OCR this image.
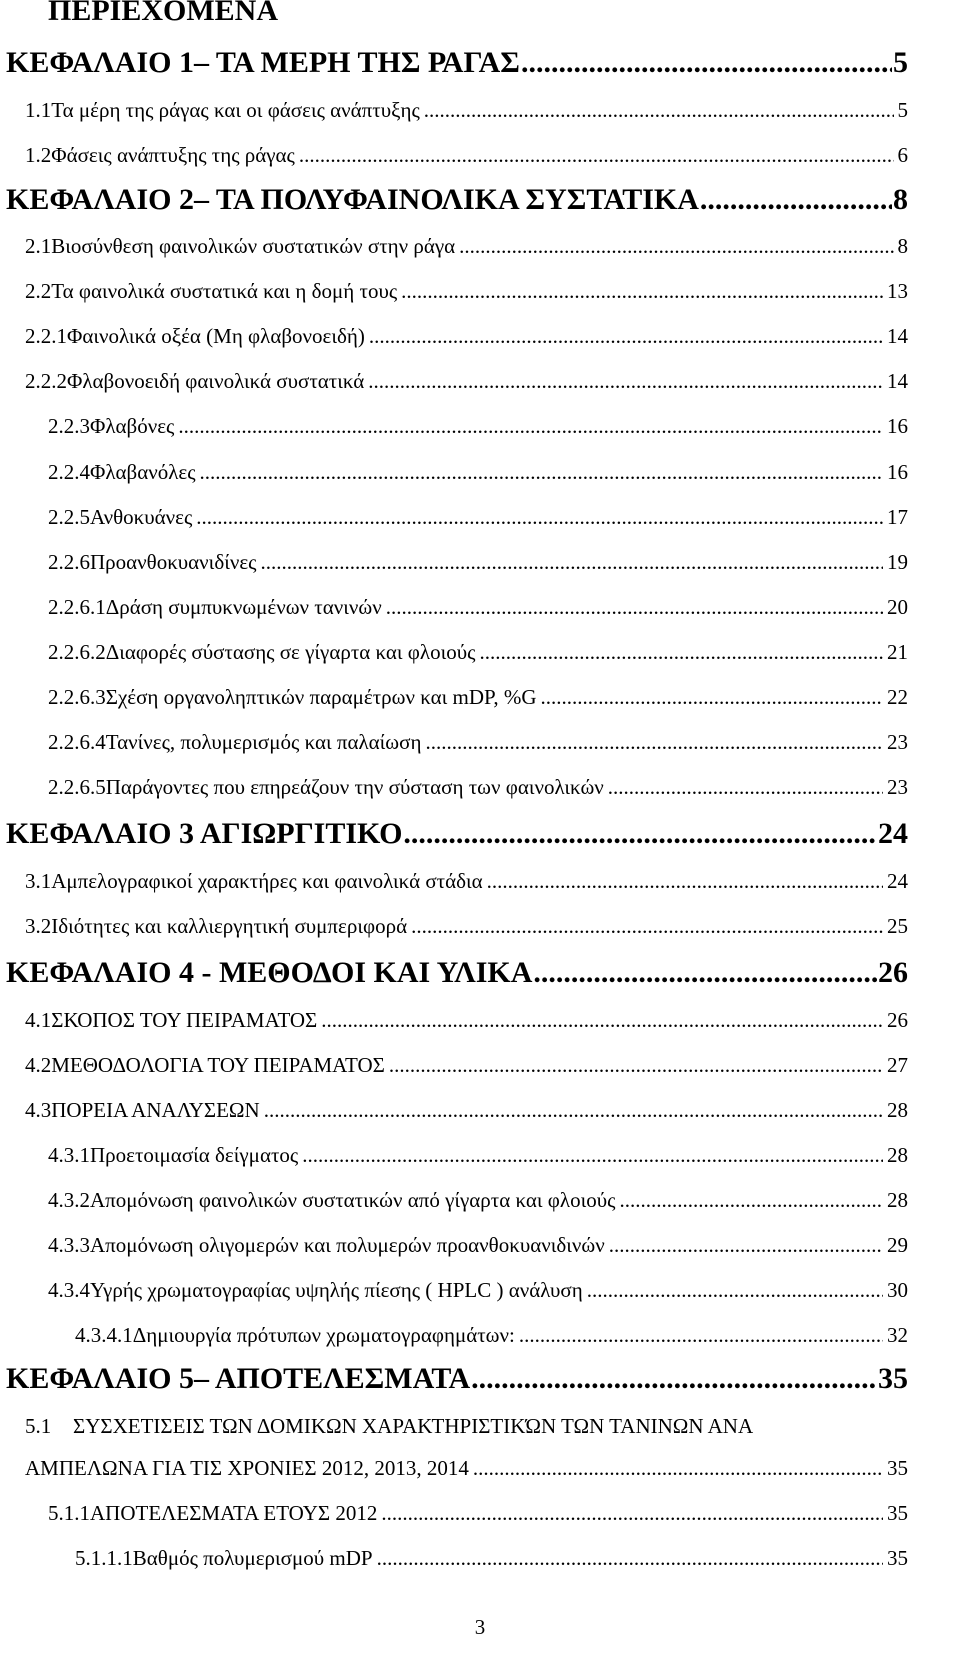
ΠΕΡΙΕΧΟΜΕΝΑ
ΚΕΦΑΛΑΙΟ 1 – ΤΑ ΜΕΡΗ ΤΗΣ ΡΑΓΑΣ .....	5
1.1 Τα μέρη της ράγας και οι φάσεις ανάπτυξης .....	5
1.2 Φάσεις ανάπτυξης της ράγας .....	6
ΚΕΦΑΛΑΙΟ 2 – ΤΑ ΠΟΛΥΦΑΙΝΟΛΙΚΑ ΣΥΣΤΑΤΙΚΑ .....	8
2.1 Βιοσύνθεση φαινολικών συστατικών στην ράγα .....	8
2.2 Τα φαινολικά συστατικά και η δομή τους .....	13
2.2.1 Φαινολικά οξέα (Μη φλαβονοειδή) .....	14
2.2.2 Φλαβονοειδή φαινολικά συστατικά .....	14
2.2.3 Φλαβόνες .....	16
2.2.4 Φλαβανόλες .....	16
2.2.5 Ανθοκυάνες .....	17
2.2.6 Προανθοκυανιδίνες .....	19
2.2.6.1 Δράση συμπυκνωμένων τανινών .....	20
2.2.6.2 Διαφορές σύστασης σε γίγαρτα και φλοιούς .....	21
2.2.6.3 Σχέση οργανοληπτικών παραμέτρων και mDP, %G .....	22
2.2.6.4 Τανίνες, πολυμερισμός και παλαίωση .....	23
2.2.6.5 Παράγοντες που επηρεάζουν την σύσταση των φαινολικών .....	23
ΚΕΦΑΛΑΙΟ 3 ΑΓΙΩΡΓΙΤΙΚΟ .....	24
3.1 Αμπελογραφικοί χαρακτήρες και φαινολικά στάδια .....	24
3.2 Ιδιότητες και καλλιεργητική συμπεριφορά .....	25
ΚΕΦΑΛΑΙΟ 4 - ΜΕΘΟΔΟΙ ΚΑΙ ΥΛΙΚΑ .....	26
4.1 ΣΚΟΠΟΣ ΤΟΥ ΠΕΙΡΑΜΑΤΟΣ .....	26
4.2 ΜΕΘΟΔΟΛΟΓΙΑ ΤΟΥ ΠΕΙΡΑΜΑΤΟΣ .....	27
4.3 ΠΟΡΕΙΑ ΑΝΑΛΥΣΕΩΝ .....	28
4.3.1 Προετοιμασία δείγματος .....	28
4.3.2 Απομόνωση φαινολικών συστατικών από γίγαρτα και φλοιούς .....	28
4.3.3 Απομόνωση ολιγομερών και πολυμερών προανθοκυανιδινών .....	29
4.3.4 Υγρής χρωματογραφίας υψηλής πίεσης ( HPLC ) ανάλυση .....	30
4.3.4.1 Δημιουργία πρότυπων χρωματογραφημάτων: .....	32
ΚΕΦΑΛΑΙΟ 5 – ΑΠΟΤΕΛΕΣΜΑΤΑ .....	35
5.1	ΣΥΣΧΕΤΙΣΕΙΣ ΤΩΝ ΔΟΜΙΚΩΝ ΧΑΡΑΚΤΗΡΙΣΤΙΚΏΝ ΤΩΝ ΤΑΝΙΝΩΝ ΑΝΑ
ΑΜΠΕΛΩΝΑ ΓΙΑ ΤΙΣ ΧΡΟΝΙΕΣ 2012, 2013, 2014 .....	35
5.1.1 ΑΠΟΤΕΛΕΣΜΑΤΑ ΕΤΟΥΣ 2012 .....	35
5.1.1.1 Βαθμός πολυμερισμού mDP .....	35
3
